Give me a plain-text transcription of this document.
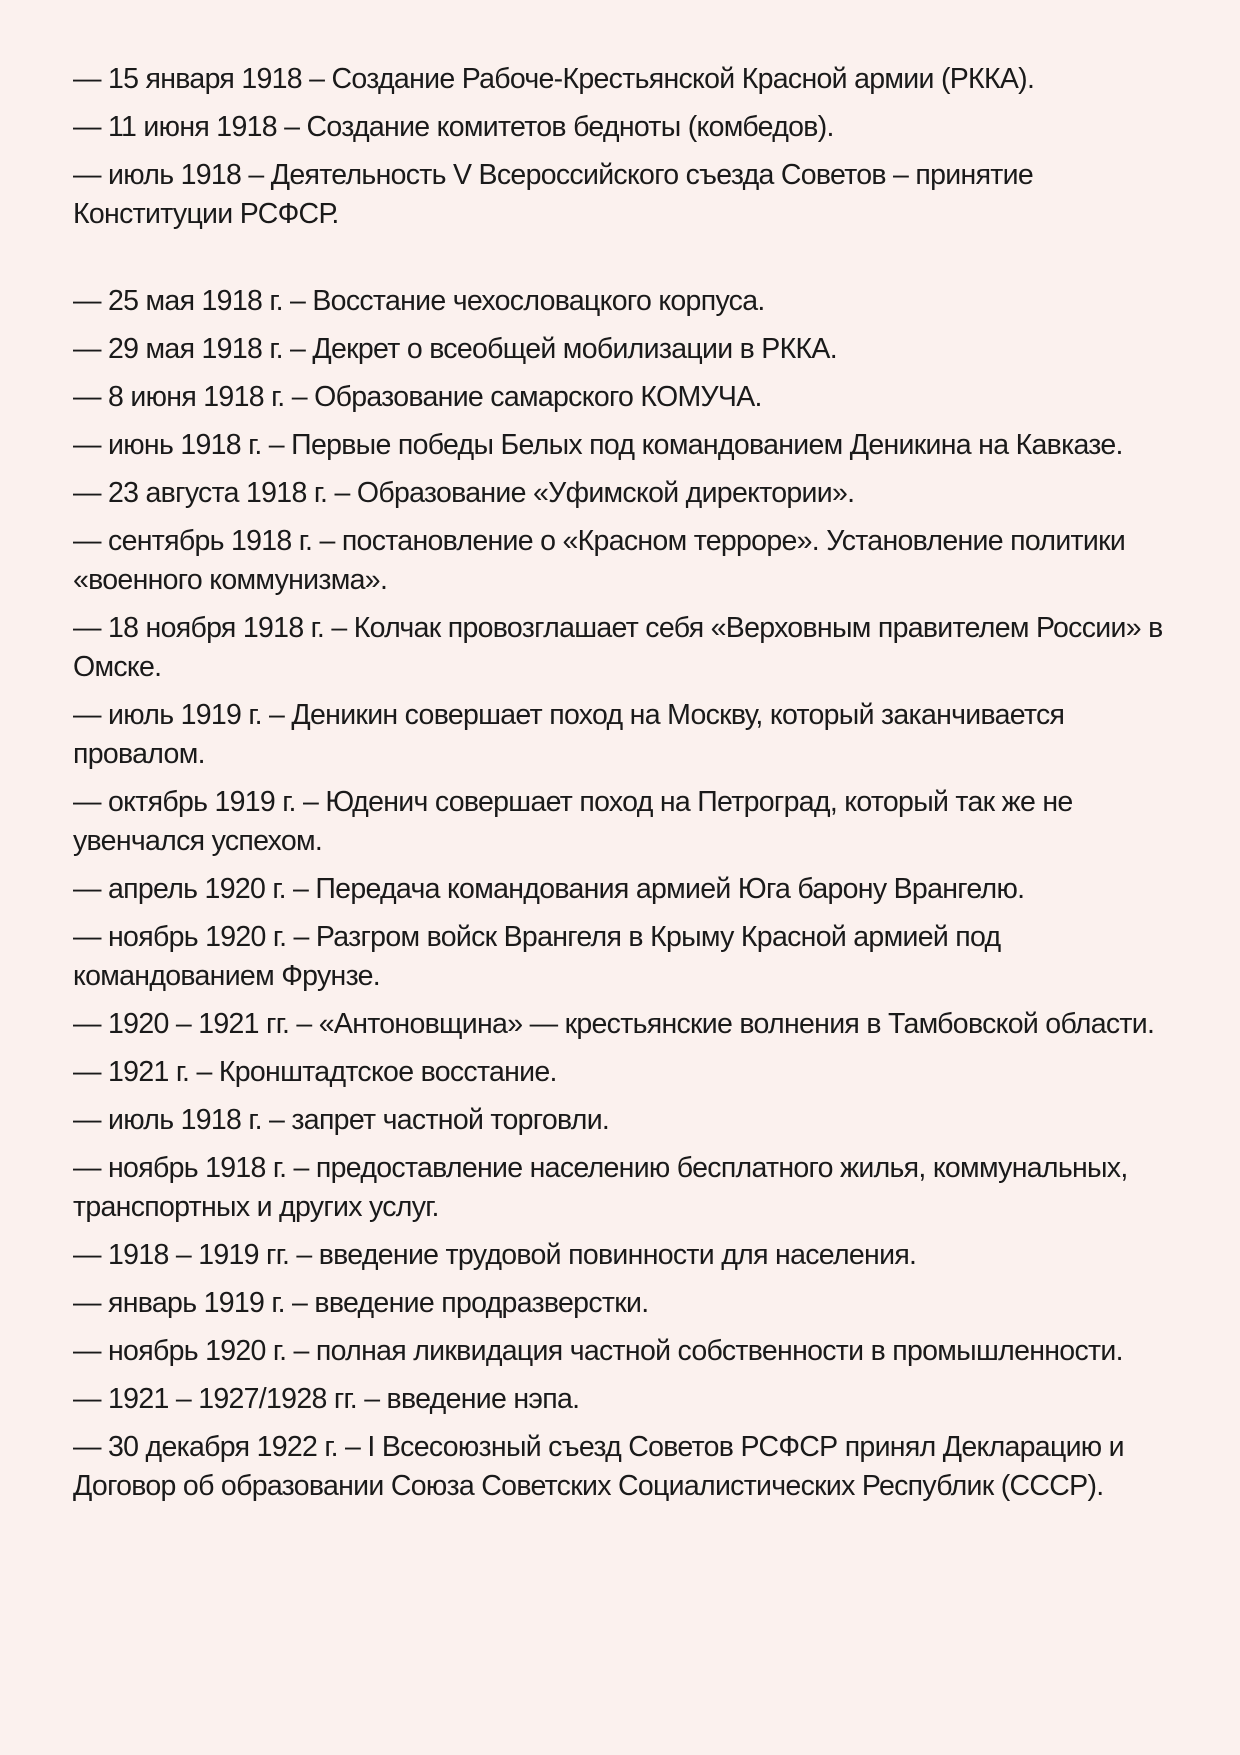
— 15 января 1918 – Создание Рабоче-Крестьянской Красной армии (РККА).
— 11 июня 1918 – Создание комитетов бедноты (комбедов).
— июль 1918 – Деятельность V Всероссийского съезда Советов – принятие Конституции РСФСР.
— 25 мая 1918 г. – Восстание чехословацкого корпуса.
— 29 мая 1918 г. – Декрет о всеобщей мобилизации в РККА.
— 8 июня 1918 г. – Образование самарского КОМУЧА.
— июнь 1918 г. – Первые победы Белых под командованием Деникина на Кавказе.
— 23 августа 1918 г. – Образование «Уфимской директории».
— сентябрь 1918 г. – постановление о «Красном терроре». Установление политики «военного коммунизма».
— 18 ноября 1918 г. – Колчак провозглашает себя «Верховным правителем России» в Омске.
— июль 1919 г. – Деникин совершает поход на Москву, который заканчивается провалом.
— октябрь 1919 г. – Юденич совершает поход на Петроград, который так же не увенчался успехом.
— апрель 1920 г. – Передача командования армией Юга барону Врангелю.
— ноябрь 1920 г. – Разгром войск Врангеля в Крыму Красной армией под командованием Фрунзе.
— 1920 – 1921 гг. – «Антоновщина» — крестьянские волнения в Тамбовской области.
— 1921 г. – Кронштадтское восстание.
— июль 1918 г. – запрет частной торговли.
— ноябрь 1918 г. – предоставление населению бесплатного жилья, коммунальных, транспортных и других услуг.
— 1918 – 1919 гг. – введение трудовой повинности для населения.
— январь 1919 г. – введение продразверстки.
— ноябрь 1920 г. – полная ликвидация частной собственности в промышленности.
— 1921 – 1927/1928 гг. – введение нэпа.
— 30 декабря 1922 г. – I Всесоюзный съезд Советов РСФСР принял Декларацию и Договор об образовании Союза Советских Социалистических Республик (СССР).
